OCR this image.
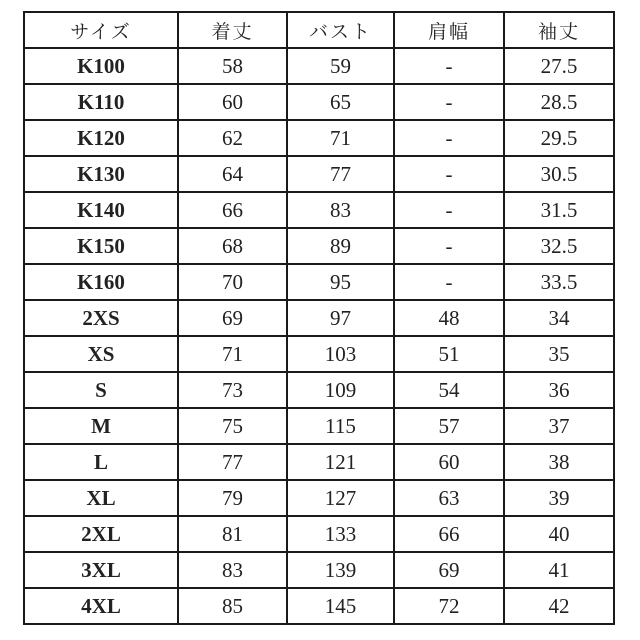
サイズ	着丈	バスト	肩幅	袖丈
K100	58	59	-	27.5
K110	60	65	-	28.5
K120	62	71	-	29.5
K130	64	77	-	30.5
K140	66	83	-	31.5
K150	68	89	-	32.5
K160	70	95	-	33.5
2XS	69	97	48	34
XS	71	103	51	35
S	73	109	54	36
M	75	115	57	37
L	77	121	60	38
XL	79	127	63	39
2XL	81	133	66	40
3XL	83	139	69	41
4XL	85	145	72	42
